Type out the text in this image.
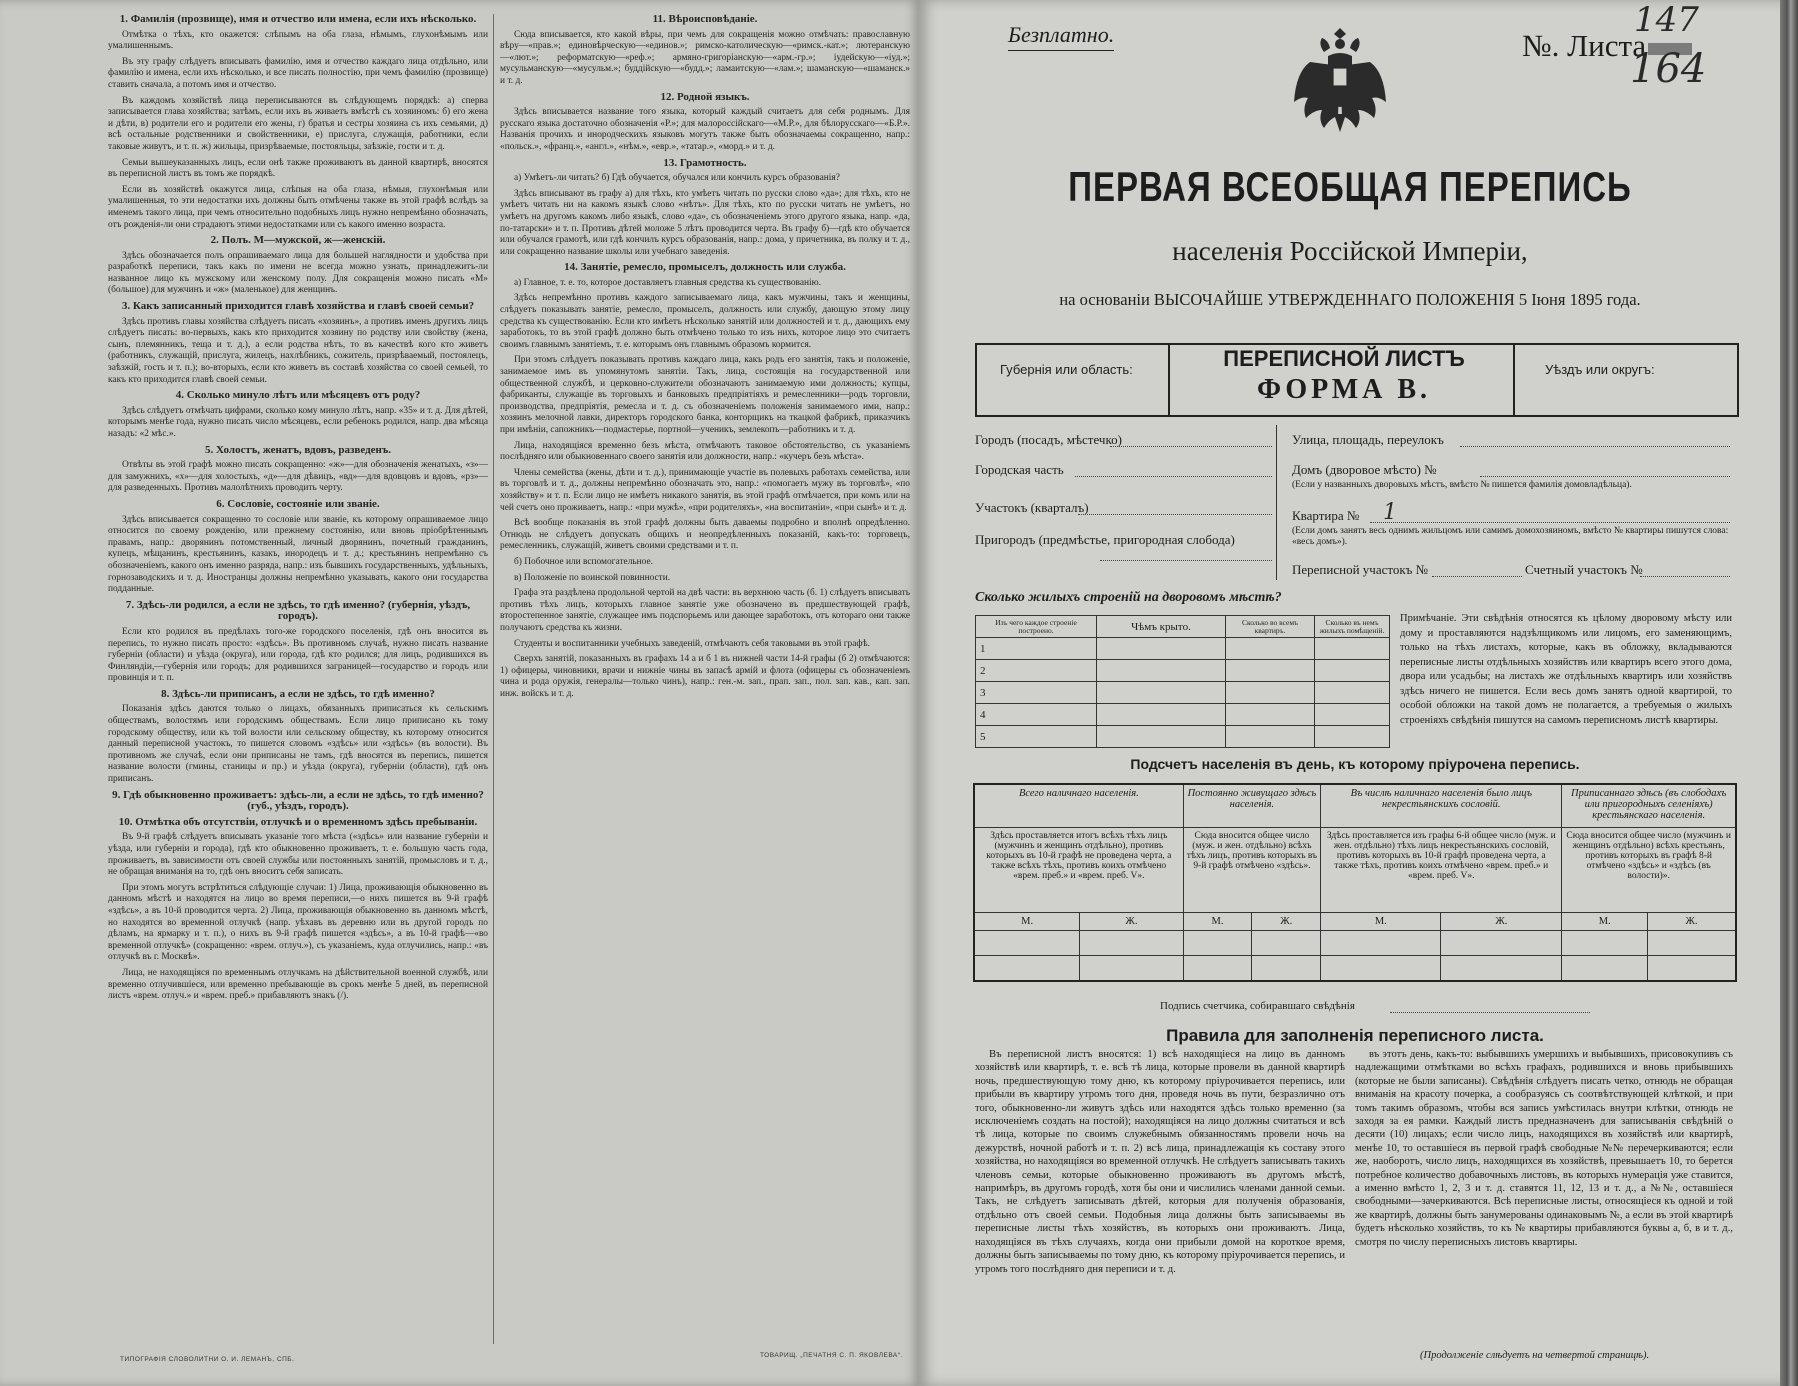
1. Фамилія (прозвище), имя и отчество или имена, если ихъ нѣсколько.

Отмѣтка о тѣхъ, кто окажется: слѣпымъ на оба глаза, нѣмымъ, глухонѣмымъ или умалишеннымъ.

Въ эту графу слѣдуетъ вписывать фамилію, имя и отчество каждаго лица отдѣльно, или фамилію и имена, если ихъ нѣсколько, и все писать полностію, при чемъ фамилію (прозвище) ставить сначала, а потомъ имя и отчество.

Въ каждомъ хозяйствѣ лица переписываются въ слѣдующемъ порядкѣ: а) сперва записывается глава хозяйства; затѣмъ, если ихъ въ живаетъ вмѣстѣ съ хозяиномъ: б) его жена и дѣти, в) родители его и родители его жены, г) братья и сестры хозяина съ ихъ семьями, д) всѣ остальные родственники и свойственники, е) прислуга, служащія, работники, если таковые живутъ, и т. п. ж) жильцы, призрѣваемые, постояльцы, заѣзжіе, гости и т. д.

Семьи вышеуказанныхъ лицъ, если онѣ также проживаютъ въ данной квартирѣ, вносятся въ переписной листъ въ томъ же порядкѣ.

Если въ хозяйствѣ окажутся лица, слѣпыя на оба глаза, нѣмыя, глухонѣмыя или умалишенныя, то эти недостатки ихъ должны быть отмѣчены также въ этой графѣ вслѣдъ за именемъ такого лица, при чемъ относительно подобныхъ лицъ нужно непремѣнно обозначать, отъ рожденія-ли они страдаютъ этими недостатками или съ какого именно возраста.

2. Полъ. М—мужской, ж—женскій.

Здѣсь обозначается полъ опрашиваемаго лица для большей наглядности и удобства при разработкѣ переписи, такъ какъ по имени не всегда можно узнать, принадлежитъ-ли названное лицо къ мужскому или женскому полу. Для сокращенія можно писать «М» (большое) для мужчинъ и «ж» (маленькое) для женщинъ.

3. Какъ записанный приходится главѣ хозяйства и главѣ своей семьи?

Здѣсь противъ главы хозяйства слѣдуетъ писать «хозяинъ», а противъ именъ другихъ лицъ слѣдуетъ писать: во-первыхъ, какъ кто приходится хозяину по родству или свойству (жена, сынъ, племянникъ, теща и т. д.), а если родства нѣтъ, то въ качествѣ кого кто живетъ (работникъ, служащій, прислуга, жилецъ, нахлѣбникъ, сожитель, призрѣваемый, постоялецъ, заѣзжій, гость и т. п.); во-вторыхъ, если кто живетъ въ составѣ хозяйства со своей семьей, то какъ кто приходится главѣ своей семьи.

4. Сколько минуло лѣтъ или мѣсяцевъ отъ роду?

Здѣсь слѣдуетъ отмѣчать цифрами, сколько кому минуло лѣтъ, напр. «35» и т. д. Для дѣтей, которымъ менѣе года, нужно писать число мѣсяцевъ, если ребенокъ родился, напр. два мѣсяца назадъ: «2 мѣс.».

5. Холостъ, женатъ, вдовъ, разведенъ.

Отвѣты въ этой графѣ можно писать сокращенно: «ж»—для обозначенія женатыхъ, «з»—для замужнихъ, «х»—для холостыхъ, «д»—для дѣвицъ, «вд»—для вдовцовъ и вдовъ, «рз»—для разведенныхъ. Противъ малолѣтнихъ проводить черту.

6. Сословіе, состояніе или званіе.

Здѣсь вписывается сокращенно то сословіе или званіе, къ которому опрашиваемое лицо относится по своему рожденію, или прежнему состоянію, или вновь пріобрѣтеннымъ правамъ, напр.: дворянинъ потомственный, личный дворянинъ, почетный гражданинъ, купецъ, мѣщанинъ, крестьянинъ, казакъ, инородецъ и т. д.; крестьянинъ непремѣнно съ обозначеніемъ, какого онъ именно разряда, напр.: изъ бывшихъ государственныхъ, удѣльныхъ, горнозаводскихъ и т. д. Иностранцы должны непремѣнно указывать, какого они государства подданные.

7. Здѣсь-ли родился, а если не здѣсь, то гдѣ именно? (губернія, уѣздъ, городъ).

Если кто родился въ предѣлахъ того-же городского поселенія, гдѣ онъ вносится въ перепись, то нужно писать просто: «здѣсь». Въ противномъ случаѣ, нужно писать название губерніи (области) и уѣзда (округа), или города, гдѣ кто родился; для лицъ, родившихся въ Финляндіи,—губернія или городъ; для родившихся заграницей—государство и городъ или провинція и т. п.

8. Здѣсь-ли приписанъ, а если не здѣсь, то гдѣ именно?

Показанія здѣсь даются только о лицахъ, обязанныхъ приписаться къ сельскимъ обществамъ, волостямъ или городскимъ обществамъ. Если лицо приписано къ тому городскому обществу, или къ той волости или сельскому обществу, къ которому относится данный переписной участокъ, то пишется словомъ «здѣсь» или «здѣсь» (въ волости). Въ противномъ же случаѣ, если они приписаны не тамъ, гдѣ вносятся въ перепись, пишется название волости (гмины, станицы и пр.) и уѣзда (округа), губерніи (области), гдѣ онъ приписанъ.

9. Гдѣ обыкновенно проживаетъ: здѣсь-ли, а если не здѣсь, то гдѣ именно? (губ., уѣздъ, городъ).
10. Отмѣтка объ отсутствіи, отлучкѣ и о временномъ здѣсь пребываніи.

Въ 9-й графѣ слѣдуетъ вписывать указаніе того мѣста («здѣсь» или название губерніи и уѣзда, или губерніи и города), гдѣ кто обыкновенно проживаетъ, т. е. большую часть года, проживаетъ, въ зависимости отъ своей службы или постоянныхъ занятій, промысловъ и т. д., не обращая вниманія на то, гдѣ онъ вноситъ себя записать.

При этомъ могутъ встрѣтиться слѣдующіе случаи: 1) Лица, проживающія обыкновенно въ данномъ мѣстѣ и находятся на лицо во время переписи,—о нихъ пишется въ 9-й графѣ «здѣсь», а въ 10-й проводится черта. 2) Лица, проживающія обыкновенно въ данномъ мѣстѣ, но находятся во временной отлучкѣ (напр. уѣхавъ въ деревню или въ другой городъ по дѣламъ, на ярмарку и т. п.), о нихъ въ 9-й графѣ пишется «здѣсь», а въ 10-й графѣ—«во временной отлучкѣ» (сокращенно: «врем. отлуч.»), съ указаніемъ, куда отлучились, напр.: «въ отлучкѣ въ г. Москвѣ».

Лица, не находящіяся по временнымъ отлучкамъ на дѣйствительной военной службѣ, или временно отлучившіеся, или временно пребывающіе въ срокъ менѣе 5 дней, въ переписной листъ «врем. отлуч.» и «врем. преб.» прибавляютъ знакъ (/).

11. Вѣроисповѣданіе.

Сюда вписывается, кто какой вѣры, при чемъ для сокращенія можно отмѣчать: православную вѣру—«прав.»; единовѣрческую—«единов.»; римско-католическую—«римск.-кат.»; лютеранскую—«лют.»; реформатскую—«реф.»; армяно-григоріанскую—«арм.-гр.»; іудейскую—«іуд.»; мусульманскую—«мусульм.»; буддійскую—«будд.»; ламаитскую—«лам.»; шаманскую—«шаманск.» и т. д.

12. Родной языкъ.

Здѣсь вписывается название того языка, который каждый считаетъ для себя роднымъ. Для русскаго языка достаточно обозначенія «Р.»; для малороссійскаго—«М.Р.», для бѣлорусскаго—«Б.Р.». Названія прочихъ и инородческихъ языковъ могутъ также быть обозначаемы сокращенно, напр.: «польск.», «франц.», «англ.», «нѣм.», «евр.», «татар.», «морд.» и т. д.

13. Грамотность.

а) Умѣетъ-ли читать? б) Гдѣ обучается, обучался или кончилъ курсъ образованія?

Здѣсь вписывают въ графу а) для тѣхъ, кто умѣетъ читать по русски слово «да»; для тѣхъ, кто не умѣетъ читать ни на какомъ языкѣ слово «нѣтъ». Для тѣхъ, кто по русски читать не умѣетъ, но умѣетъ на другомъ какомъ либо языкѣ, слово «да», съ обозначеніемъ этого другого языка, напр. «да, по-татарски» и т. п. Противъ дѣтей моложе 5 лѣтъ проводится черта. Въ графу б)—гдѣ кто обучается или обучался грамотѣ, или гдѣ кончилъ курсъ образованія, напр.: дома, у причетника, въ полку и т. д., или сокращенно название школы или учебнаго заведенія.

14. Занятіе, ремесло, промыселъ, должность или служба.

а) Главное, т. е. то, которое доставляетъ главныя средства къ существованію.

Здѣсь непремѣнно противъ каждого записываемаго лица, какъ мужчины, такъ и женщины, слѣдуетъ показывать занятіе, ремесло, промыселъ, должность или службу, дающую этому лицу средства къ существованію. Если кто имѣетъ нѣсколько занятій или должностей и т. д., дающихъ ему заработокъ, то въ этой графѣ должно быть отмѣчено только то изъ нихъ, которое лицо это считаетъ своимъ главнымъ занятіемъ, т. е. которымъ онъ главнымъ образомъ кормится.

При этомъ слѣдуетъ показывать противъ каждаго лица, какъ родъ его занятія, такъ и положеніе, занимаемое имъ въ упомянутомъ занятіи. Такъ, лица, состоящія на государственной или общественной службѣ, и церковно-служители обозначаютъ занимаемую ими должность; купцы, фабриканты, служащіе въ торговыхъ и банковыхъ предпріятіяхъ и ремесленники—родъ торговли, производства, предпріятія, ремесла и т. д. съ обозначеніемъ положенія занимаемого ими, напр.: хозяинъ мелочной лавки, директоръ городского банка, конторщикъ на ткацкой фабрикѣ, приказчикъ при имѣніи, сапожникъ—подмастерье, портной—ученикъ, землекопъ—работникъ и т. д.

Лица, находящіяся временно безъ мѣста, отмѣчаютъ таковое обстоятельство, съ указаніемъ послѣдняго или обыкновеннаго своего занятія или должности, напр.: «кучеръ безъ мѣста».

Члены семейства (жены, дѣти и т. д.), принимающіе участіе въ полевыхъ работахъ семейства, или въ торговлѣ и т. д., должны непремѣнно обозначать это, напр.: «помогаетъ мужу въ торговлѣ», «по хозяйству» и т. п. Если лицо не имѣетъ никакого занятія, въ этой графѣ отмѣчается, при комъ или на чей счетъ оно проживаетъ, напр.: «при мужѣ», «при родителяхъ», «на воспитаніи», «при сынѣ» и т. д.

Всѣ вообще показанія въ этой графѣ должны быть даваемы подробно и вполнѣ опредѣленно. Отнюдь не слѣдуетъ допускать общихъ и неопредѣленныхъ показаній, какъ-то: торговецъ, ремесленникъ, служащій, живетъ своими средствами и т. п.

б) Побочное или вспомогательное.

в) Положеніе по воинской повинности.

Графа эта раздѣлена продольной чертой на двѣ части: въ верхнюю часть (б. 1) слѣдуетъ вписывать противъ тѣхъ лицъ, которыхъ главное занятіе уже обозначено въ предшествующей графѣ, второстепенное занятіе, служащее имъ подспорьемъ или дающее заработокъ, отъ котораго они также получаютъ средства къ жизни.

Студенты и воспитанники учебныхъ заведеній, отмѣчаютъ себя таковыми въ этой графѣ.

Сверхъ занятій, показанныхъ въ графахъ 14 а и б 1 въ нижней части 14-й графы (б 2) отмѣчаются: 1) офицеры, чиновники, врачи и нижніе чины въ запасѣ армій и флота (офицеры съ обозначеніемъ чина и рода оружія, генералы—только чинъ), напр.: ген.-м. зап., прап. зап., пол. зап. кав., кап. зап. инж. войскъ и т. д.

ТИПОГРАФІЯ СЛОВОЛИТНИ О. И. ЛЕМАНЪ, СПБ.
ТОВАРИЩ. „ПЕЧАТНЯ С. П. ЯКОВЛЕВА“.
Безплатно.	№. Листа
147
164
ПЕРВАЯ ВСЕОБЩАЯ ПЕРЕПИСЬ
населенія Россійской Имперіи,
на основаніи ВЫСОЧАЙШЕ УТВЕРЖДЕННАГО ПОЛОЖЕНІЯ 5 Іюня 1895 года.
Губернія или область:	ПЕРЕПИСНОЙ ЛИСТЪ
ФОРМА В.
Уѣздъ или округъ:
Городъ (посадъ, мѣстечко)
Городская часть
Участокъ (кварталъ)
Пригородъ (предмѣстье, пригородная слобода)
Улица, площадь, переулокъ
Домъ (дворовое мѣсто) №
(Если у названныхъ дворовыхъ мѣстъ, вмѣсто № пишется фамилія домовладѣльца).
Квартира № 1
(Если домъ занятъ весь однимъ жильцомъ или самимъ домохозяиномъ, вмѣсто № квартиры пишутся слова: «весь домъ»).
Переписной участокъ №	Счетный участокъ №
Сколько жилыхъ строеній на дворовомъ мѣстѣ?
Изъ чего каждое строеніе построено.	Чѣмъ крыто.	Сколько во всемъ квартиръ.	Сколько въ немъ жилыхъ помѣщеній.
1			
2			
3			
4			
5			
Примѣчаніе. Эти свѣдѣнія относятся къ цѣлому дворовому мѣсту или дому и проставляются надзѣлщикомъ или лицомъ, его заменяющимъ, только на тѣхъ листахъ, которые, какъ въ обложку, вкладываются переписные листы отдѣльныхъ хозяйствъ или квартиръ всего этого дома, двора или усадьбы; на листахъ же отдѣльныхъ квартиръ или хозяйствъ здѣсь ничего не пишется. Если весь домъ занятъ одной квартирой, то особой обложки на такой домъ не полагается, а требуемыя о жилыхъ строеніяхъ свѣдѣнія пишутся на самомъ переписномъ листѣ квартиры.
Подсчетъ населенія въ день, къ которому пріурочена перепись.
Всего наличнаго населенія.		Постоянно живущаго здѣсь населенія.		Въ числѣ наличнаго населенія было лицъ некрестьянскихъ сословій.		Приписаннаго здѣсь (въ слободахъ или пригородныхъ селеніяхъ) крестьянскаго населенія.	
Здѣсь проставляется итогъ всѣхъ тѣхъ лицъ (мужчинъ и женщинъ отдѣльно), противъ которыхъ въ 10-й графѣ не проведена черта, а также всѣхъ тѣхъ, противъ коихъ отмѣчено «врем. преб.» и «врем. преб. V».		Сюда вносится общее число (муж. и жен. отдѣльно) всѣхъ тѣхъ лицъ, противъ которыхъ въ 9-й графѣ отмѣчено «здѣсь».		Здѣсь проставляется изъ графы 6-й общее число (муж. и жен. отдѣльно) тѣхъ лицъ некрестьянскихъ сословій, противъ которыхъ въ 10-й графѣ проведена черта, а также тѣхъ, противъ коихъ отмѣчено «врем. преб.» и «врем. преб. V».		Сюда вносится общее число (мужчинъ и женщинъ отдѣльно) всѣхъ крестьянъ, противъ которыхъ въ графѣ 8-й отмѣчено «здѣсь» и «здѣсь (въ волости)».	
М.	Ж.	М.	Ж.	М.	Ж.	М.	Ж.

Подпись счетчика, собиравшаго свѣдѣнія
Правила для заполненія переписного листа.

Въ переписной листъ вносятся: 1) всѣ находящіеся на лицо въ данномъ хозяйствѣ или квартирѣ, т. е. всѣ тѣ лица, которые провели въ данной квартирѣ ночь, предшествующую тому дню, къ которому пріурочивается перепись, или прибыли въ квартиру утромъ того дня, проведя ночь въ пути, безразлично отъ того, обыкновенно-ли живутъ здѣсь или находятся здѣсь только временно (за исключеніемъ создать на постой); находящіяся на лицо должны считаться и всѣ тѣ лица, которые по своимъ служебнымъ обязанностямъ провели ночь на дежурствѣ, ночной работѣ и т. п. 2) всѣ лица, принадлежащія къ составу этого хозяйства, но находящіяся во временной отлучкѣ. Не слѣдуетъ записывать такихъ членовъ семьи, которые обыкновенно проживаютъ въ другомъ мѣстѣ, напримѣръ, въ другомъ городѣ, хотя бы они и числились членами данной семьи. Такъ, не слѣдуетъ записывать дѣтей, которыя для полученія образованія, отдѣльно отъ своей семьи. Подобныя лица должны быть записываемы въ переписные листы тѣхъ хозяйствъ, въ которыхъ они проживаютъ. Лица, находящіяся въ тѣхъ случаяхъ, когда они прибыли домой на короткое время, должны быть записываемы по тому дню, къ которому пріурочивается перепись, и утромъ того послѣдняго дня переписи и т. д.

въ этотъ день, какъ-то: выбывшихъ умершихъ и выбывшихъ, присовокупивъ съ надлежащими отмѣтками во всѣхъ графахъ, родившихся и вновь прибывшихъ (которые не были записаны). Свѣдѣнія слѣдуетъ писать четко, отнюдь не обращая вниманія на красоту почерка, а сообразуясь съ соотвѣтствующей клѣткой, и при томъ такимъ образомъ, чтобы вся запись умѣстилась внутри клѣтки, отнюдь не заходя за ея рамки. Каждый листъ предназначенъ для записыванія свѣдѣній о десяти (10) лицахъ; если число лицъ, находящихся въ хозяйствѣ или квартирѣ, менѣе 10, то оставшіеся въ первой графѣ свободные №№ перечеркиваются; если же, наоборотъ, число лицъ, находящихся въ хозяйствѣ, превышаетъ 10, то берется потребное количество добавочныхъ листовъ, въ которыхъ нумерація уже ставится, а именно вмѣсто 1, 2, 3 и т. д. ставятся 11, 12, 13 и т. д., а №№, оставшіеся свободными—зачеркиваются. Всѣ переписные листы, относящіеся къ одной и той же квартирѣ, должны быть занумерованы одинаковымъ №, а если въ этой квартирѣ будетъ нѣсколько хозяйствъ, то къ № квартиры прибавляются буквы а, б, в и т. д., смотря по числу переписныхъ листовъ квартиры.

(Продолженіе слѣдуетъ на четвертой страницѣ).
